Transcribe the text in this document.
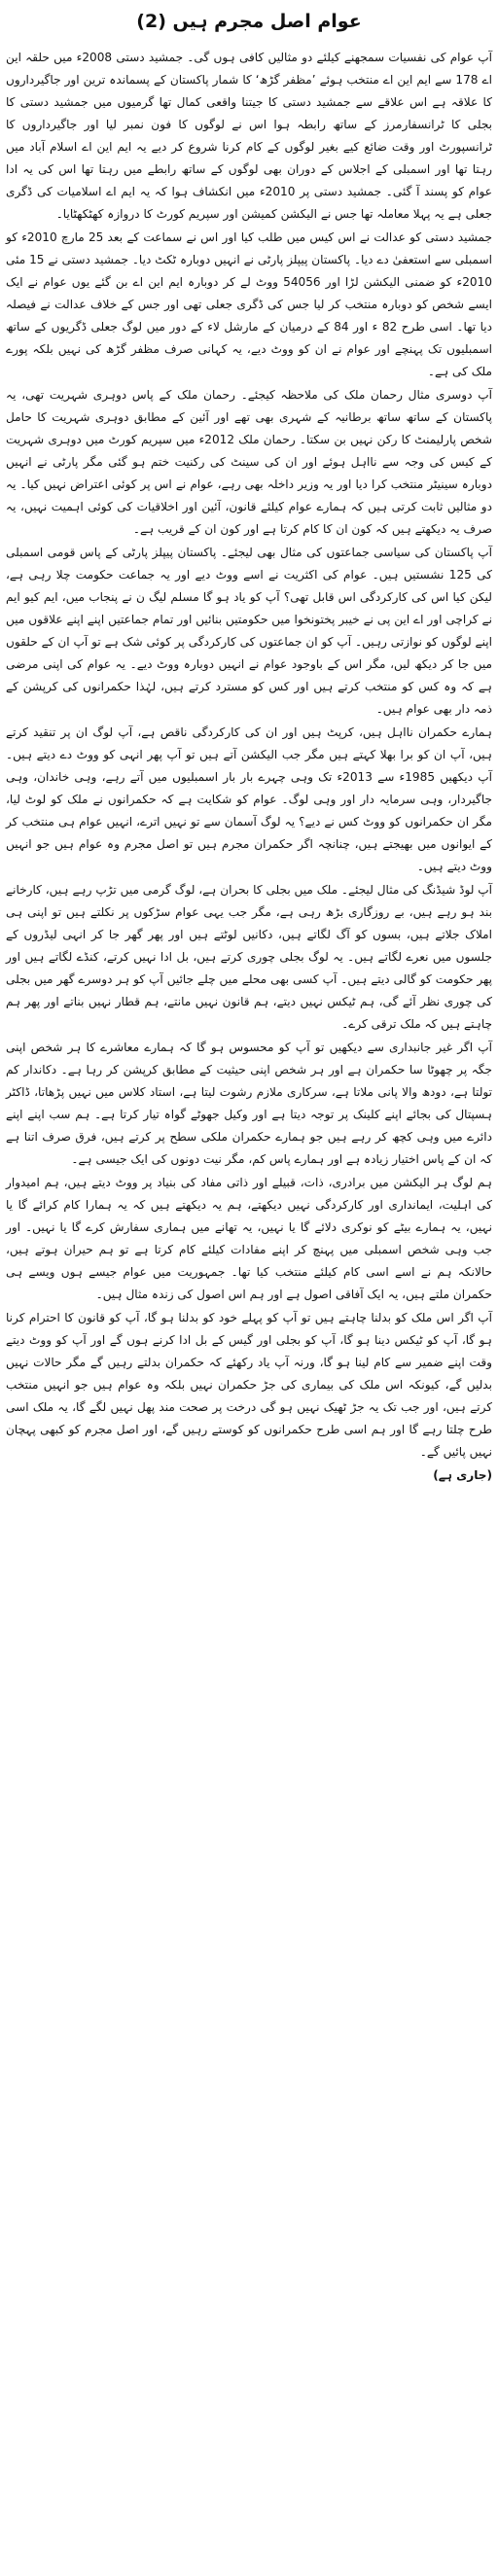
عوام اصل مجرم ہیں (2)

آپ عوام کی نفسیات سمجھنے کیلئے دو مثالیں کافی ہوں گی۔ جمشید دستی 2008ء میں حلقہ این اے 178 سے ایم این اے منتخب ہوئے ’مظفر گڑھ‘ کا شمار پاکستان کے پسماندہ ترین اور جاگیرداروں کا علاقہ ہے اس علاقے سے جمشید دستی کا جیتنا واقعی کمال تھا گرمیوں میں جمشید دستی کا بجلی کا ٹرانسفارمرز کے ساتھ رابطہ ہوا اس نے لوگوں کا فون نمبر لیا اور جاگیرداروں کا ٹرانسپورٹ اور وقت ضائع کیے بغیر لوگوں کے کام کرنا شروع کر دیے یہ ایم این اے اسلام آباد میں رہتا تھا اور اسمبلی کے اجلاس کے دوران بھی لوگوں کے ساتھ رابطے میں رہتا تھا اس کی یہ ادا عوام کو پسند آ گئی۔ جمشید دستی پر 2010ء میں انکشاف ہوا کہ یہ ایم اے اسلامیات کی ڈگری جعلی ہے یہ پہلا معاملہ تھا جس نے الیکشن کمیشن اور سپریم کورٹ کا دروازہ کھٹکھٹایا۔

جمشید دستی کو عدالت نے اس کیس میں طلب کیا اور اس نے سماعت کے بعد 25 مارچ 2010ء کو اسمبلی سے استعفیٰ دے دیا۔ پاکستان پیپلز پارٹی نے انہیں دوبارہ ٹکٹ دیا۔ جمشید دستی نے 15 مئی 2010ء کو ضمنی الیکشن لڑا اور 54056 ووٹ لے کر دوبارہ ایم این اے بن گئے یوں عوام نے ایک ایسے شخص کو دوبارہ منتخب کر لیا جس کی ڈگری جعلی تھی اور جس کے خلاف عدالت نے فیصلہ دیا تھا۔ اسی طرح 82 ء اور 84 کے درمیان کے مارشل لاء کے دور میں لوگ جعلی ڈگریوں کے ساتھ اسمبلیوں تک پہنچے اور عوام نے ان کو ووٹ دیے، یہ کہانی صرف مظفر گڑھ کی نہیں بلکہ پورے ملک کی ہے۔

آپ دوسری مثال رحمان ملک کی ملاحظہ کیجئے۔ رحمان ملک کے پاس دوہری شہریت تھی، یہ پاکستان کے ساتھ ساتھ برطانیہ کے شہری بھی تھے اور آئین کے مطابق دوہری شہریت کا حامل شخص پارلیمنٹ کا رکن نہیں بن سکتا۔ رحمان ملک 2012ء میں سپریم کورٹ میں دوہری شہریت کے کیس کی وجہ سے نااہل ہوئے اور ان کی سینٹ کی رکنیت ختم ہو گئی مگر پارٹی نے انہیں دوبارہ سینیٹر منتخب کرا دیا اور یہ وزیر داخلہ بھی رہے، عوام نے اس پر کوئی اعتراض نہیں کیا۔ یہ دو مثالیں ثابت کرتی ہیں کہ ہمارے عوام کیلئے قانون، آئین اور اخلاقیات کی کوئی اہمیت نہیں، یہ صرف یہ دیکھتے ہیں کہ کون ان کا کام کرتا ہے اور کون ان کے قریب ہے۔

آپ پاکستان کی سیاسی جماعتوں کی مثال بھی لیجئے۔ پاکستان پیپلز پارٹی کے پاس قومی اسمبلی کی 125 نشستیں ہیں۔ عوام کی اکثریت نے اسے ووٹ دیے اور یہ جماعت حکومت چلا رہی ہے، لیکن کیا اس کی کارکردگی اس قابل تھی؟ آپ کو یاد ہو گا مسلم لیگ ن نے پنجاب میں، ایم کیو ایم نے کراچی اور اے این پی نے خیبر پختونخوا میں حکومتیں بنائیں اور تمام جماعتیں اپنے اپنے علاقوں میں اپنے لوگوں کو نوازتی رہیں۔ آپ کو ان جماعتوں کی کارکردگی پر کوئی شک ہے تو آپ ان کے حلقوں میں جا کر دیکھ لیں، مگر اس کے باوجود عوام نے انہیں دوبارہ ووٹ دیے۔ یہ عوام کی اپنی مرضی ہے کہ وہ کس کو منتخب کرتے ہیں اور کس کو مسترد کرتے ہیں، لہٰذا حکمرانوں کی کرپشن کے ذمہ دار بھی عوام ہیں۔

ہمارے حکمران نااہل ہیں، کرپٹ ہیں اور ان کی کارکردگی ناقص ہے، آپ لوگ ان پر تنقید کرتے ہیں، آپ ان کو برا بھلا کہتے ہیں مگر جب الیکشن آتے ہیں تو آپ پھر انہی کو ووٹ دے دیتے ہیں۔ آپ دیکھیں 1985ء سے 2013ء تک وہی چہرے بار بار اسمبلیوں میں آتے رہے، وہی خاندان، وہی جاگیردار، وہی سرمایہ دار اور وہی لوگ۔ عوام کو شکایت ہے کہ حکمرانوں نے ملک کو لوٹ لیا، مگر ان حکمرانوں کو ووٹ کس نے دیے؟ یہ لوگ آسمان سے تو نہیں اترے، انہیں عوام ہی منتخب کر کے ایوانوں میں بھیجتے ہیں، چنانچہ اگر حکمران مجرم ہیں تو اصل مجرم وہ عوام ہیں جو انہیں ووٹ دیتے ہیں۔

آپ لوڈ شیڈنگ کی مثال لیجئے۔ ملک میں بجلی کا بحران ہے، لوگ گرمی میں تڑپ رہے ہیں، کارخانے بند ہو رہے ہیں، بے روزگاری بڑھ رہی ہے، مگر جب یہی عوام سڑکوں پر نکلتے ہیں تو اپنی ہی املاک جلاتے ہیں، بسوں کو آگ لگاتے ہیں، دکانیں لوٹتے ہیں اور پھر گھر جا کر انہی لیڈروں کے جلسوں میں نعرے لگاتے ہیں۔ یہ لوگ بجلی چوری کرتے ہیں، بل ادا نہیں کرتے، کنڈے لگاتے ہیں اور پھر حکومت کو گالی دیتے ہیں۔ آپ کسی بھی محلے میں چلے جائیں آپ کو ہر دوسرے گھر میں بجلی کی چوری نظر آئے گی، ہم ٹیکس نہیں دیتے، ہم قانون نہیں مانتے، ہم قطار نہیں بناتے اور پھر ہم چاہتے ہیں کہ ملک ترقی کرے۔

آپ اگر غیر جانبداری سے دیکھیں تو آپ کو محسوس ہو گا کہ ہمارے معاشرے کا ہر شخص اپنی جگہ پر چھوٹا سا حکمران ہے اور ہر شخص اپنی حیثیت کے مطابق کرپشن کر رہا ہے۔ دکاندار کم تولتا ہے، دودھ والا پانی ملاتا ہے، سرکاری ملازم رشوت لیتا ہے، استاد کلاس میں نہیں پڑھاتا، ڈاکٹر ہسپتال کی بجائے اپنے کلینک پر توجہ دیتا ہے اور وکیل جھوٹے گواہ تیار کرتا ہے۔ ہم سب اپنے اپنے دائرے میں وہی کچھ کر رہے ہیں جو ہمارے حکمران ملکی سطح پر کرتے ہیں، فرق صرف اتنا ہے کہ ان کے پاس اختیار زیادہ ہے اور ہمارے پاس کم، مگر نیت دونوں کی ایک جیسی ہے۔

ہم لوگ ہر الیکشن میں برادری، ذات، قبیلے اور ذاتی مفاد کی بنیاد پر ووٹ دیتے ہیں، ہم امیدوار کی اہلیت، ایمانداری اور کارکردگی نہیں دیکھتے، ہم یہ دیکھتے ہیں کہ یہ ہمارا کام کرائے گا یا نہیں، یہ ہمارے بیٹے کو نوکری دلائے گا یا نہیں، یہ تھانے میں ہماری سفارش کرے گا یا نہیں۔ اور جب وہی شخص اسمبلی میں پہنچ کر اپنے مفادات کیلئے کام کرتا ہے تو ہم حیران ہوتے ہیں، حالانکہ ہم نے اسے اسی کام کیلئے منتخب کیا تھا۔ جمہوریت میں عوام جیسے ہوں ویسے ہی حکمران ملتے ہیں، یہ ایک آفاقی اصول ہے اور ہم اس اصول کی زندہ مثال ہیں۔

آپ اگر اس ملک کو بدلنا چاہتے ہیں تو آپ کو پہلے خود کو بدلنا ہو گا، آپ کو قانون کا احترام کرنا ہو گا، آپ کو ٹیکس دینا ہو گا، آپ کو بجلی اور گیس کے بل ادا کرنے ہوں گے اور آپ کو ووٹ دیتے وقت اپنے ضمیر سے کام لینا ہو گا، ورنہ آپ یاد رکھئے کہ حکمران بدلتے رہیں گے مگر حالات نہیں بدلیں گے، کیونکہ اس ملک کی بیماری کی جڑ حکمران نہیں بلکہ وہ عوام ہیں جو انہیں منتخب کرتے ہیں، اور جب تک یہ جڑ ٹھیک نہیں ہو گی درخت پر صحت مند پھل نہیں لگے گا، یہ ملک اسی طرح چلتا رہے گا اور ہم اسی طرح حکمرانوں کو کوستے رہیں گے، اور اصل مجرم کو کبھی پہچان نہیں پائیں گے۔

(جاری ہے)
